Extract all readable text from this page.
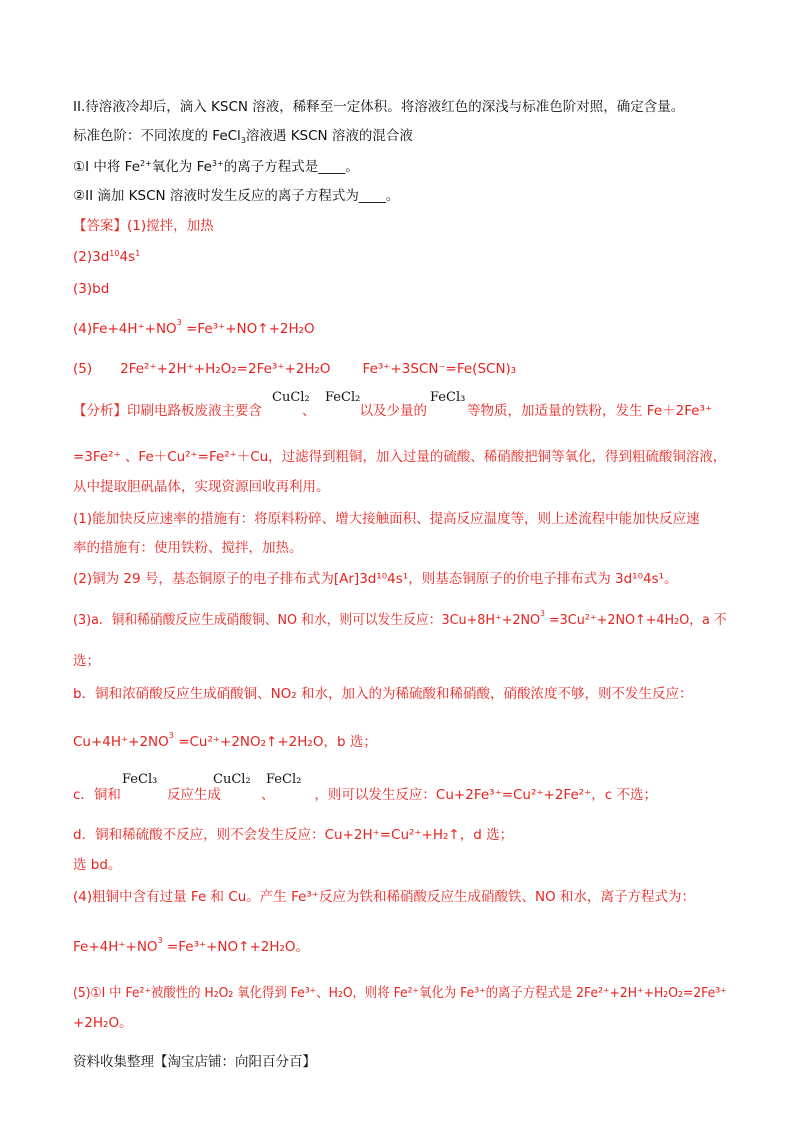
II.待溶液冷却后，滴入 KSCN 溶液，稀释至一定体积。将溶液红色的深浅与标准色阶对照，确定含量。
标准色阶：不同浓度的 FeCl$_3$溶液遇 KSCN 溶液的混合液
①I 中将 $Fe^{2+}$氧化为 $Fe^{3+}$的离子方程式是____。
②II 滴加 KSCN 溶液时发生反应的离子方程式为____。
【答案】(1)搅拌，加热
$(2)3d^{10}4s^1$
(3)bd
$(4)Fe+4H^++NO^3$ =Fe³⁺+NO↑+2H₂O
(5) 2Fe²⁺+2H⁺+H₂O₂=2Fe³⁺+2H₂O Fe³⁺+3SCN⁻=Fe(SCN)₃
CuCl₂ FeCl₂	FeCl₃
【分析】印刷电路板废液主要含	、	以及少量的	等物质，加适量的铁粉，发生 Fe＋2Fe³⁺
=3Fe²⁺ 、Fe＋Cu²⁺=Fe²⁺＋Cu，过滤得到粗铜，加入过量的硫酸、稀硝酸把铜等氧化，得到粗硫酸铜溶液，
从中提取胆矾晶体，实现资源回收再利用。
(1)能加快反应速率的措施有：将原料粉碎、增大接触面积、提高反应温度等，则上述流程中能加快反应速
率的措施有：使用铁粉、搅拌，加热。
(2)铜为 29 号，基态铜原子的电子排布式为[Ar]3d¹⁰4s¹，则基态铜原子的价电子排布式为 3d¹⁰4s¹。
(3)a．铜和稀硝酸反应生成硝酸铜、NO 和水，则可以发生反应：$3Cu+8H^++2NO^3$ =3Cu²⁺+2NO↑+4H₂O，a 不
选；
b．铜和浓硝酸反应生成硝酸铜、NO₂ 和水，加入的为稀硫酸和稀硝酸，硝酸浓度不够，则不发生反应：
$Cu+4H^++2NO^3$ =Cu²⁺+2NO₂↑+2H₂O，b 选；
FeCl₃	CuCl₂ FeCl₂
c．铜和	反应生成	、	，则可以发生反应：Cu+2Fe³⁺=Cu²⁺+2Fe²⁺，c 不选；
d．铜和稀硫酸不反应，则不会发生反应：Cu+2H⁺=Cu²⁺+H₂↑，d 选；
选 bd。
(4)粗铜中含有过量 Fe 和 Cu。产生 Fe³⁺反应为铁和稀硝酸反应生成硝酸铁、NO 和水，离子方程式为：
$Fe+4H^++NO^3$ =Fe³⁺+NO↑+2H₂O。
(5)①I 中 Fe²⁺被酸性的 H₂O₂ 氧化得到 Fe³⁺、H₂O，则将 Fe²⁺氧化为 Fe³⁺的离子方程式是 2Fe²⁺+2H⁺+H₂O₂=2Fe³⁺
+2H₂O。
资料收集整理【淘宝店铺：向阳百分百】
